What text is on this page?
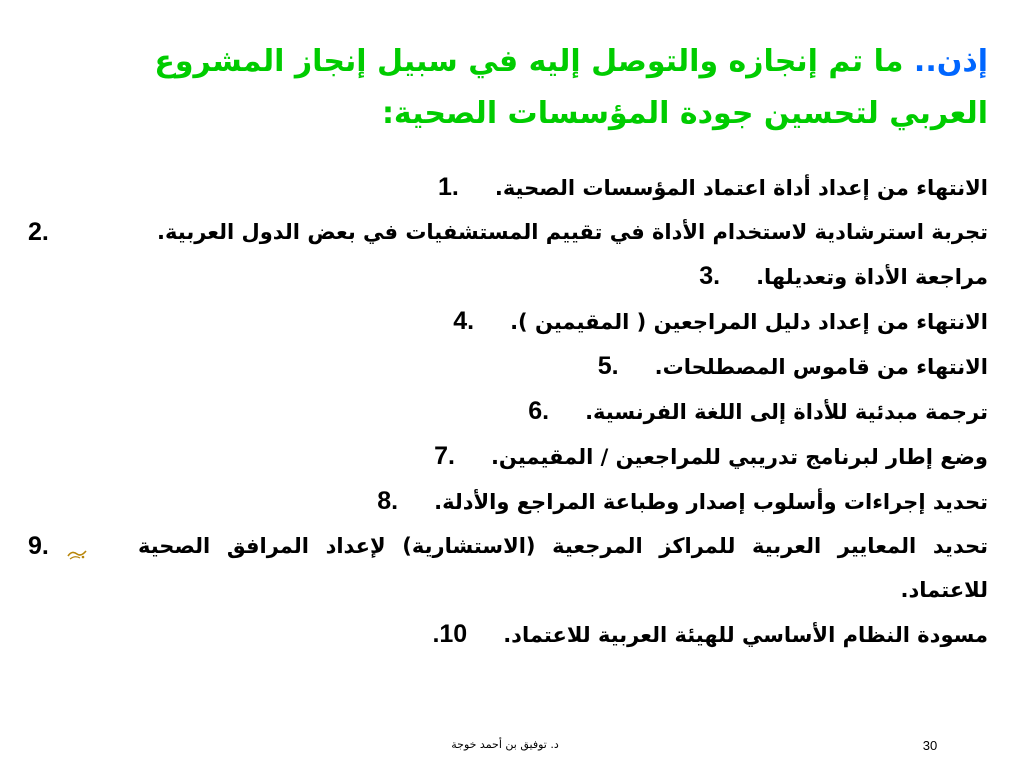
إذن.. ما تم إنجازه والتوصل إليه في سبيل إنجاز المشروع العربي لتحسين جودة المؤسسات الصحية:
الانتهاء من إعداد أداة اعتماد المؤسسات الصحية.1.
تجربة استرشادية لاستخدام الأداة في تقييم المستشفيات في بعض الدول العربية.
2.
مراجعة الأداة وتعديلها.3.
الانتهاء من إعداد دليل المراجعين ( المقيمين ).4.
الانتهاء من قاموس المصطلحات.5.
ترجمة مبدئية للأداة إلى اللغة الفرنسية.6.
وضع إطار لبرنامج تدريبي للمراجعين / المقيمين.7.
تحديد إجراءات وأسلوب إصدار وطباعة المراجع والأدلة.8.
تحديد المعايير العربية للمراكز المرجعية (الاستشارية) لإعداد المرافق الصحية للاعتماد.
9.
مسودة النظام الأساسي للهيئة العربية للاعتماد..10
د. توفيق بن أحمد خوجة	30
